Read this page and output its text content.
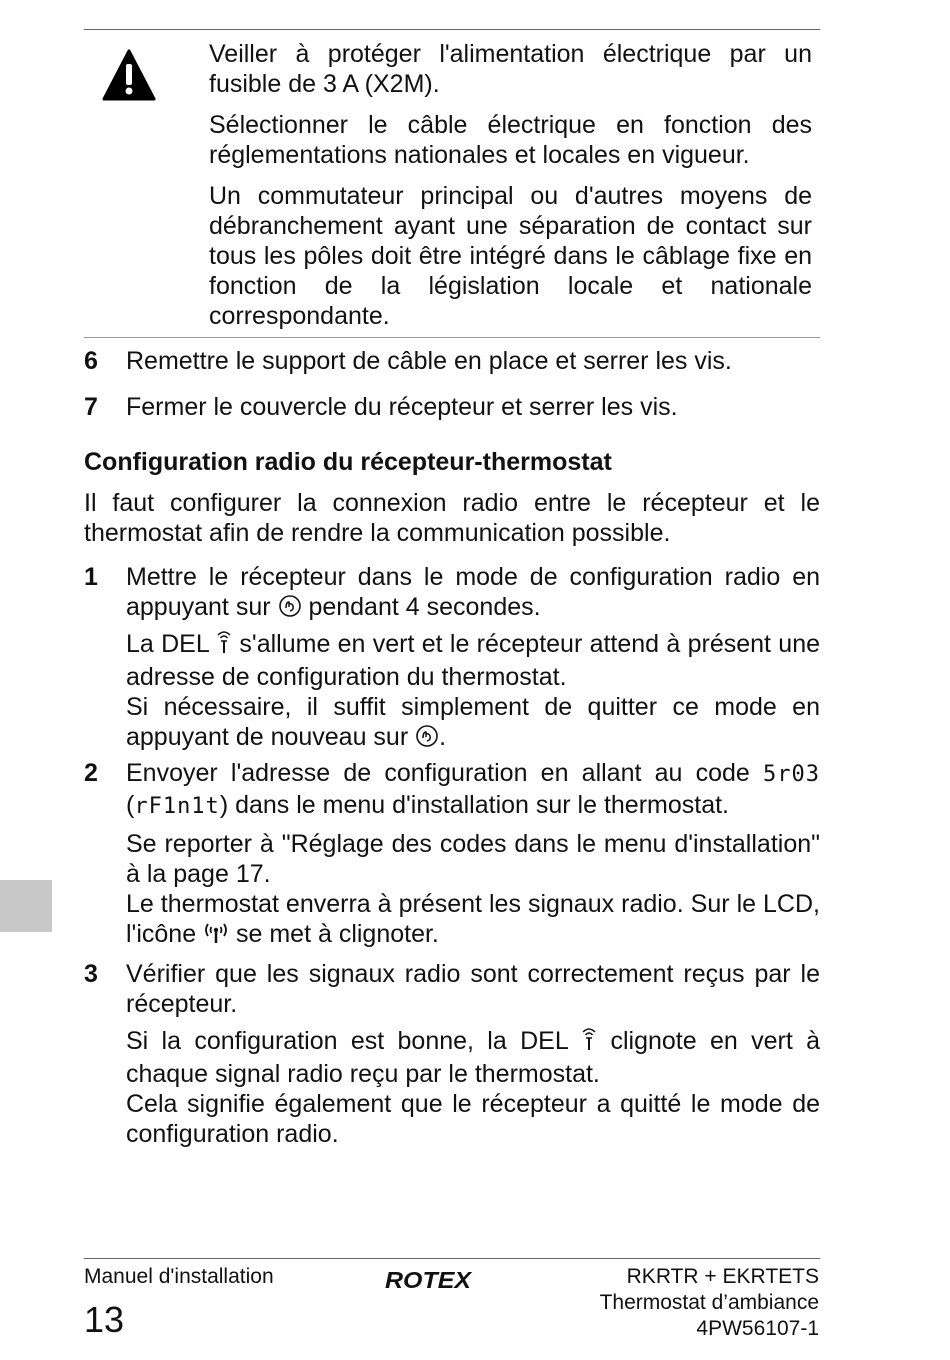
Veiller à protéger l'alimentation électrique par un fusible de 3 A (X2M).

Sélectionner le câble électrique en fonction des réglementations nationales et locales en vigueur.

Un commutateur principal ou d'autres moyens de débranchement ayant une séparation de contact sur tous les pôles doit être intégré dans le câblage fixe en fonction de la législation locale et nationale correspondante.

6 Remettre le support de câble en place et serrer les vis.
7 Fermer le couvercle du récepteur et serrer les vis.
Configuration radio du récepteur-thermostat
Il faut configurer la connexion radio entre le récepteur et le thermostat afin de rendre la communication possible.
1 Mettre le récepteur dans le mode de configuration radio en appuyant sur  pendant 4 secondes.

La DEL  s'allume en vert et le récepteur attend à présent une adresse de configuration du thermostat.

Si nécessaire, il suffit simplement de quitter ce mode en appuyant de nouveau sur .

2 Envoyer l'adresse de configuration en allant au code 5r03 (rF1n1t) dans le menu d'installation sur le thermostat.

Se reporter à "Réglage des codes dans le menu d'installation" à la page 17.

Le thermostat enverra à présent les signaux radio. Sur le LCD, l'icône  se met à clignoter.

3 Vérifier que les signaux radio sont correctement reçus par le récepteur.

Si la configuration est bonne, la DEL  clignote en vert à chaque signal radio reçu par le thermostat.

Cela signifie également que le récepteur a quitté le mode de configuration radio.

Manuel d'installation
13
ROTEX	RKRTR + EKRTETS
Thermostat d’ambiance
4PW56107-1
